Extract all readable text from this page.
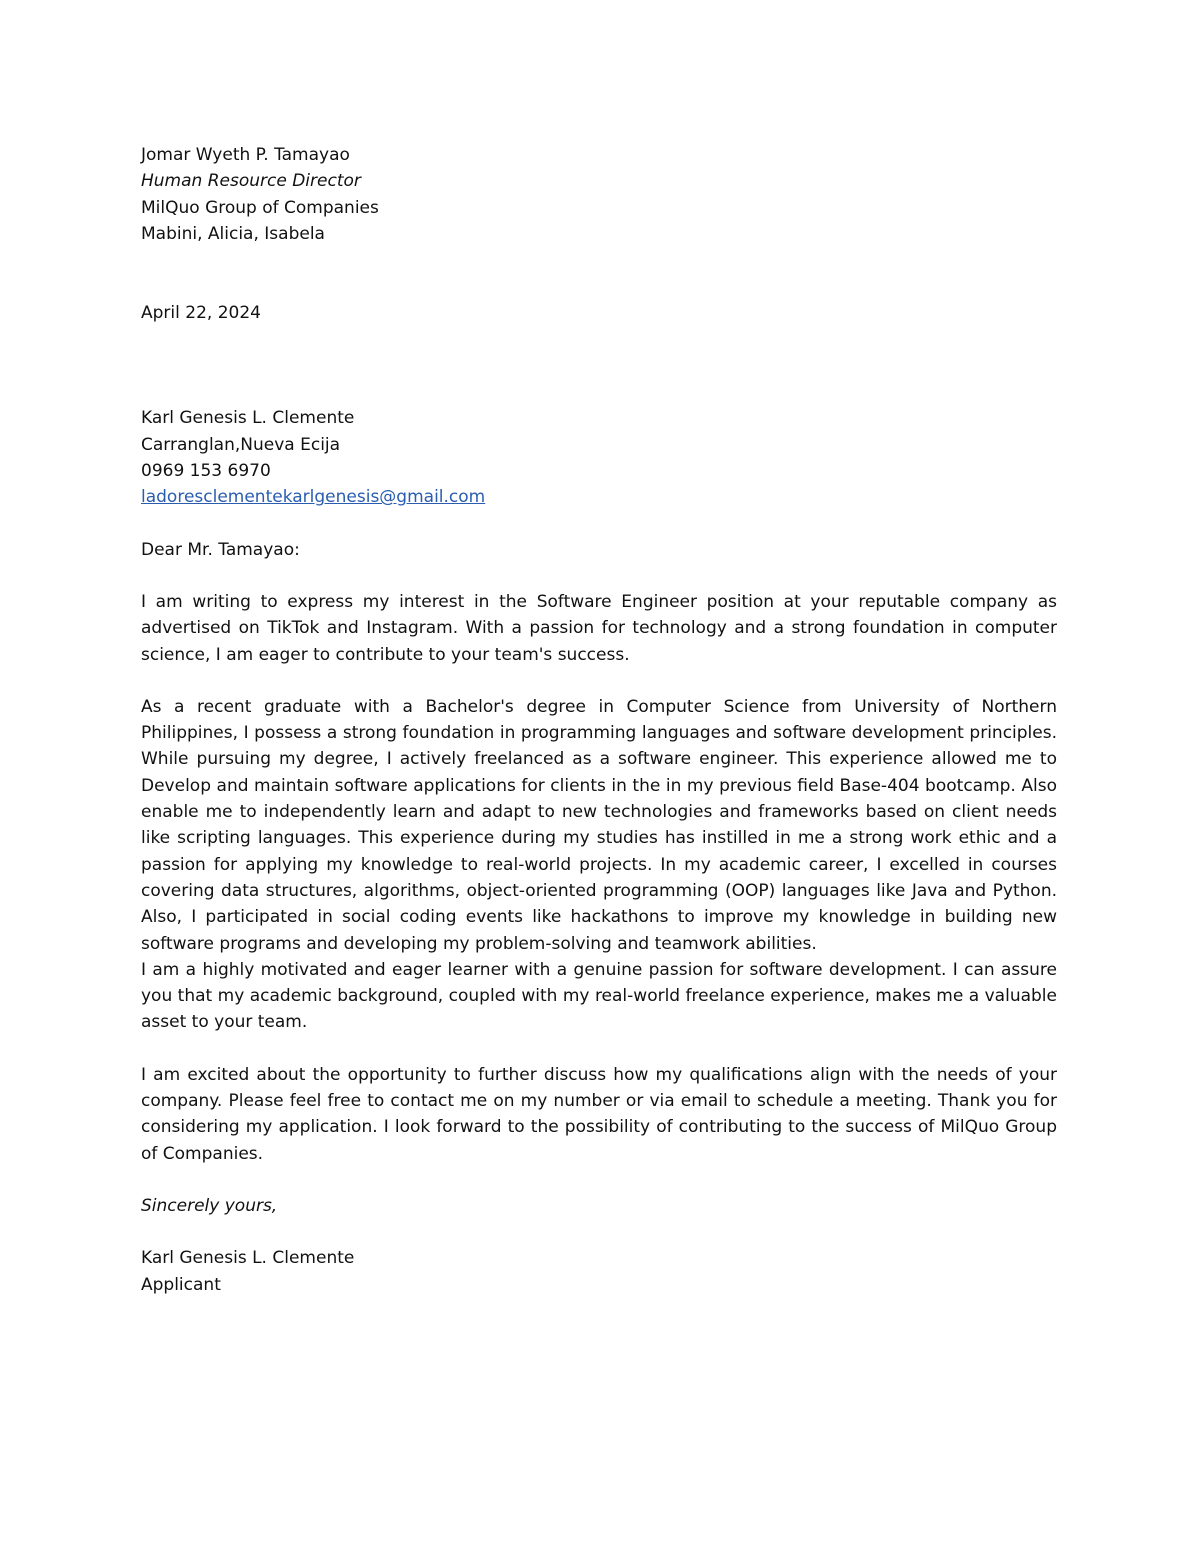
Jomar Wyeth P. Tamayao
Human Resource Director
MilQuo Group of Companies
Mabini, Alicia, Isabela
April 22, 2024
Karl Genesis L. Clemente
Carranglan,Nueva Ecija
0969 153 6970
ladoresclementekarlgenesis@gmail.com
Dear Mr. Tamayao:

I am writing to express my interest in the Software Engineer position at your reputable company as advertised on TikTok and Instagram. With a passion for technology and a strong foundation in computer science, I am eager to contribute to your team's success.

As a recent graduate with a Bachelor's degree in Computer Science from University of Northern Philippines, I possess a strong foundation in programming languages and software development principles. While pursuing my degree, I actively freelanced as a software engineer. This experience allowed me to Develop and maintain software applications for clients in the in my previous field Base-404 bootcamp. Also enable me to independently learn and adapt to new technologies and frameworks based on client needs like scripting languages. This experience during my studies has instilled in me a strong work ethic and a passion for applying my knowledge to real-world projects. In my academic career, I excelled in courses covering data structures, algorithms, object-oriented programming (OOP) languages like Java and Python. Also, I participated in social coding events like hackathons to improve my knowledge in building new software programs and developing my problem-solving and teamwork abilities.

I am a highly motivated and eager learner with a genuine passion for software development. I can assure you that my academic background, coupled with my real-world freelance experience, makes me a valuable asset to your team.

I am excited about the opportunity to further discuss how my qualifications align with the needs of your company. Please feel free to contact me on my number or via email to schedule a meeting. Thank you for considering my application. I look forward to the possibility of contributing to the success of MilQuo Group of Companies.

Sincerely yours,
Karl Genesis L. Clemente
Applicant
